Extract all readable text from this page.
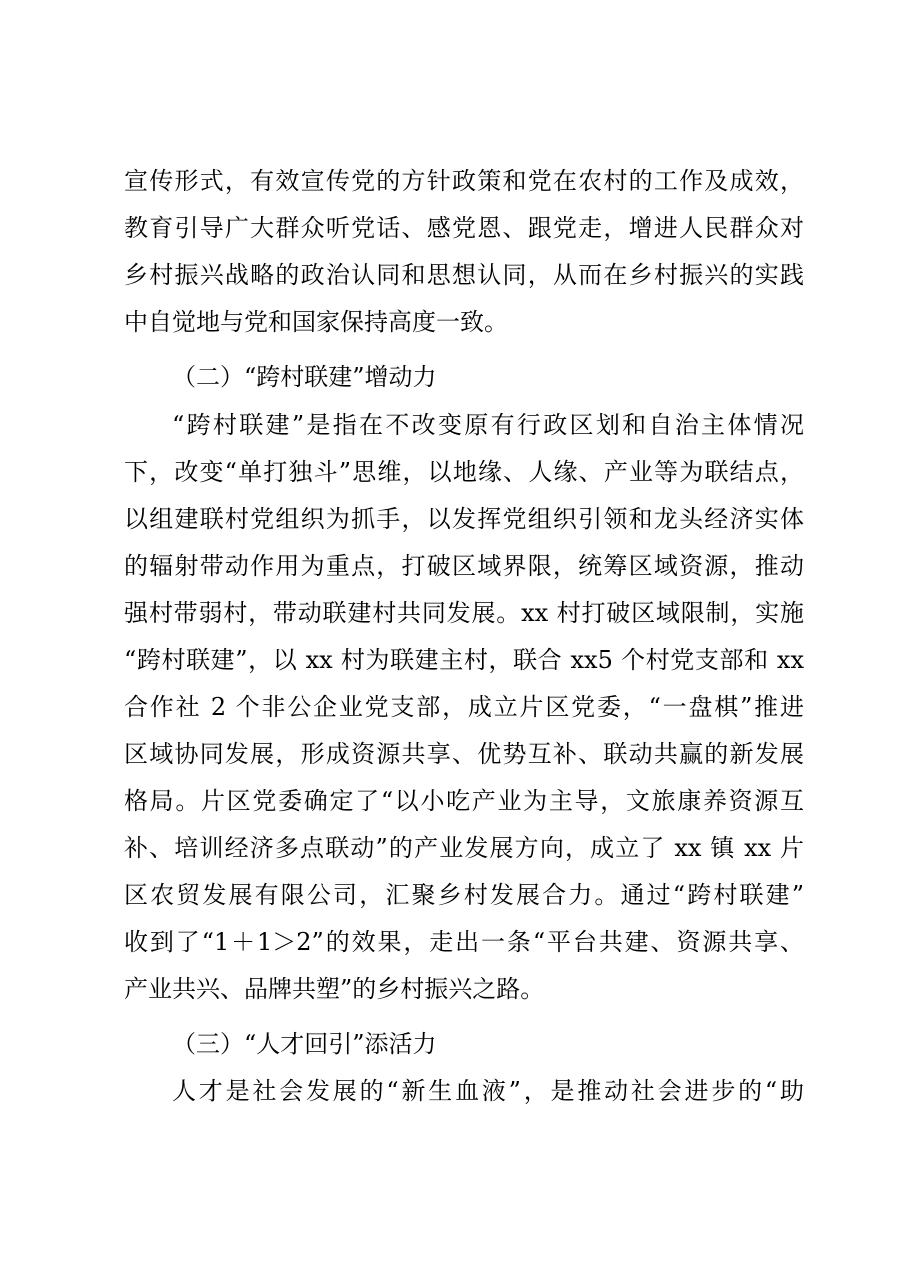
宣传形式，有效宣传党的方针政策和党在农村的工作及成效，
教育引导广大群众听党话、感党恩、跟党走，增进人民群众对
乡村振兴战略的政治认同和思想认同，从而在乡村振兴的实践
中自觉地与党和国家保持高度一致。
（二）“跨村联建”增动力
“跨村联建”是指在不改变原有行政区划和自治主体情况
下，改变“单打独斗”思维，以地缘、人缘、产业等为联结点，
以组建联村党组织为抓手，以发挥党组织引领和龙头经济实体
的辐射带动作用为重点，打破区域界限，统筹区域资源，推动
强村带弱村，带动联建村共同发展。xx 村打破区域限制，实施
“跨村联建”，以 xx 村为联建主村，联合 xx5 个村党支部和 xx
合作社 2 个非公企业党支部，成立片区党委，“一盘棋”推进
区域协同发展，形成资源共享、优势互补、联动共赢的新发展
格局。片区党委确定了“以小吃产业为主导，文旅康养资源互
补、培训经济多点联动”的产业发展方向，成立了 xx 镇 xx 片
区农贸发展有限公司，汇聚乡村发展合力。通过“跨村联建”
收到了“1＋1＞2”的效果，走出一条“平台共建、资源共享、
产业共兴、品牌共塑”的乡村振兴之路。
（三）“人才回引”添活力
人才是社会发展的“新生血液”，是推动社会进步的“助
